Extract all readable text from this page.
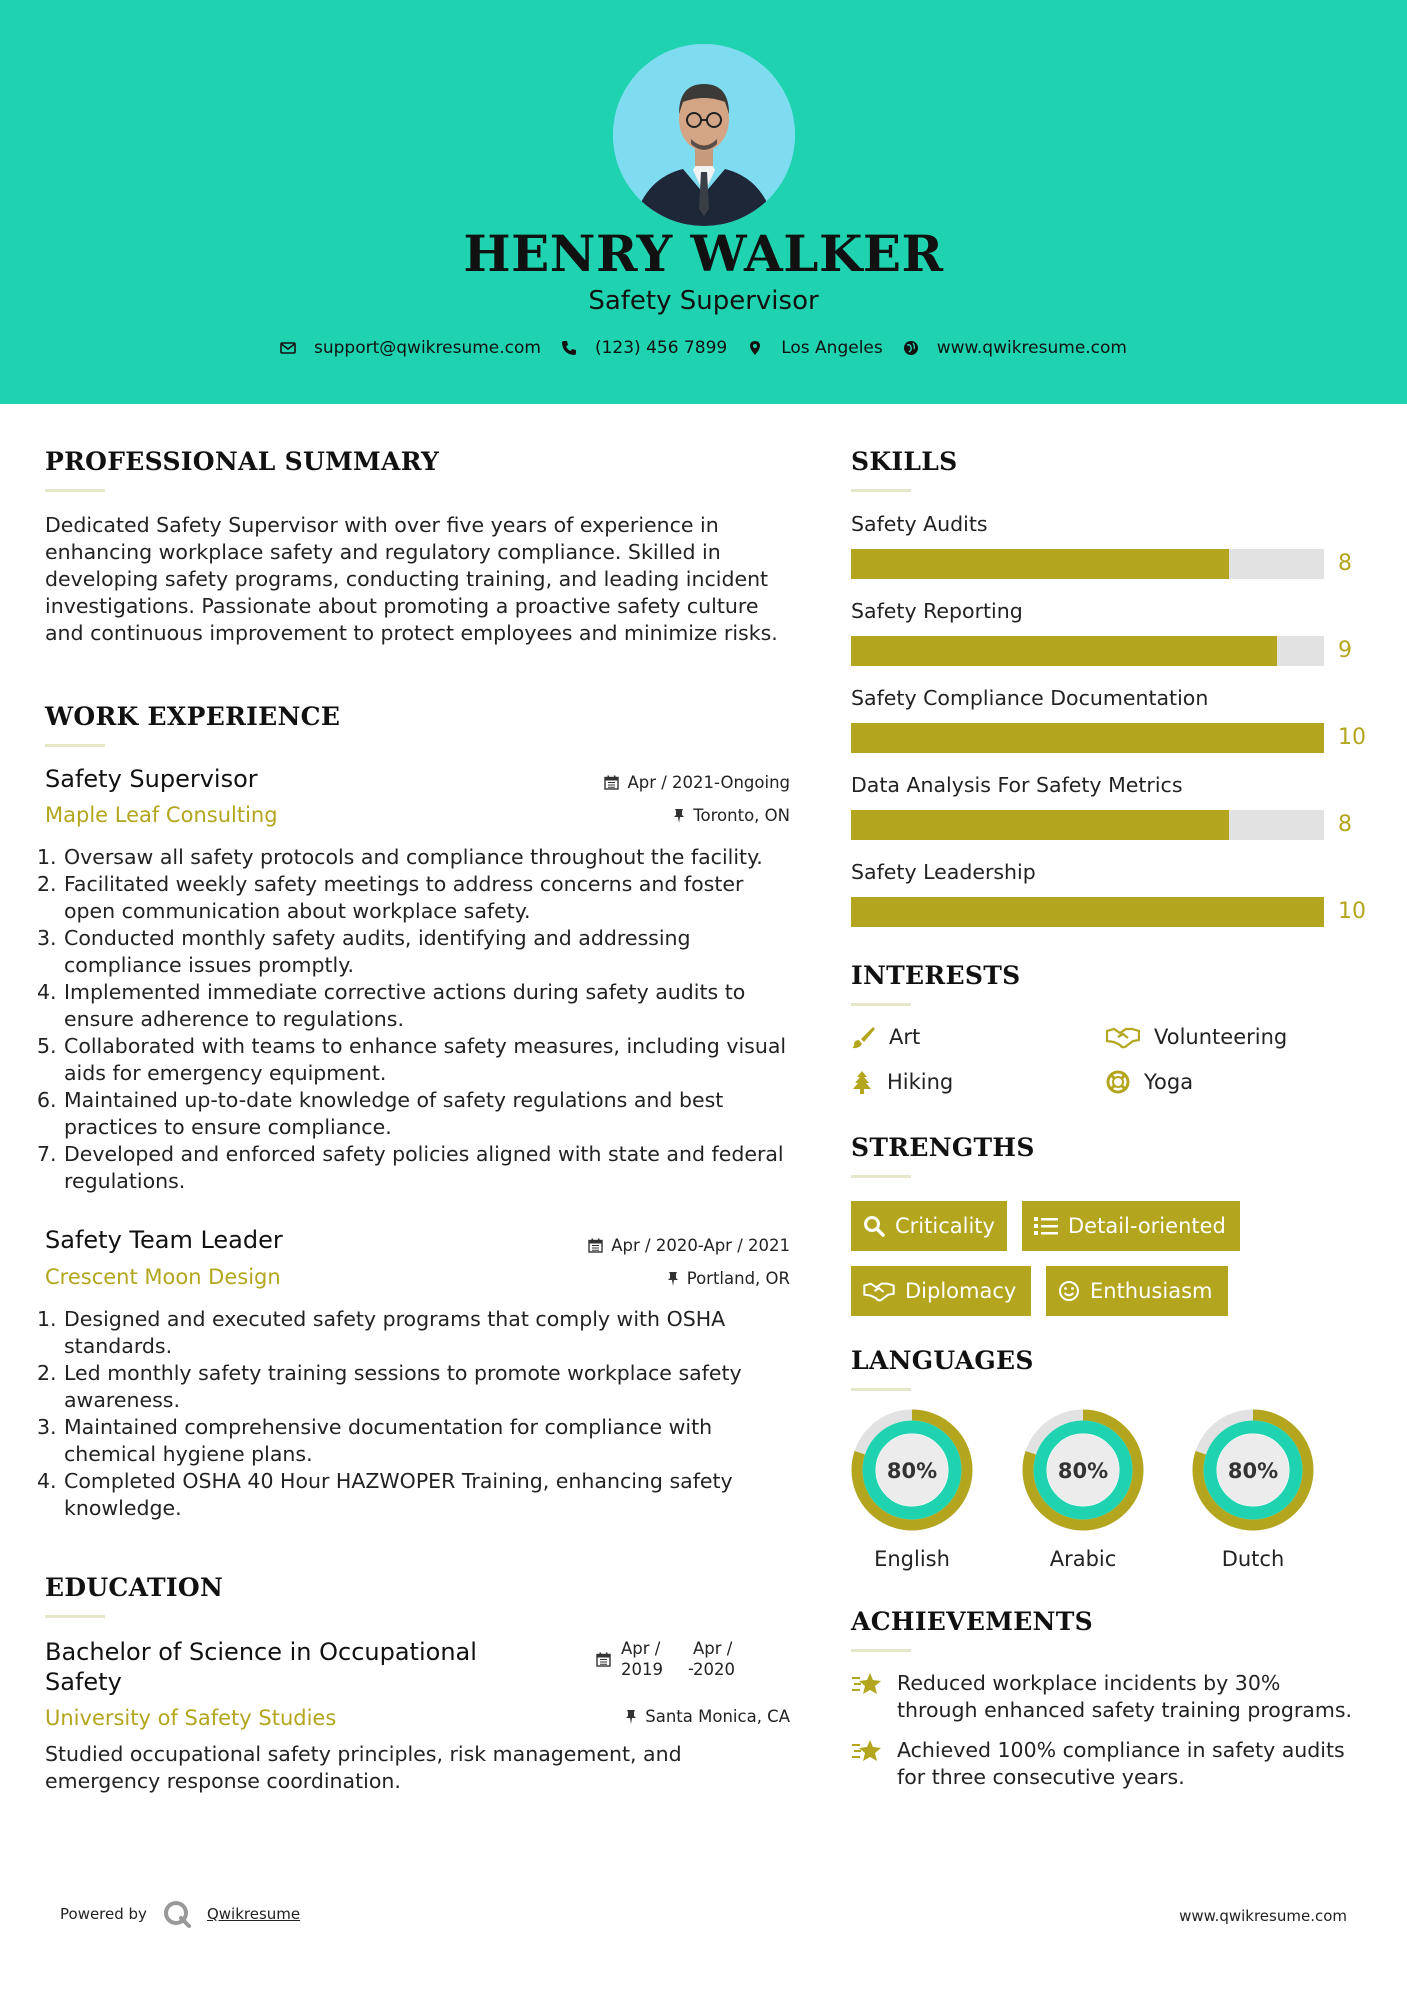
HENRY WALKER
Safety Supervisor
support@qwikresume.com	(123) 456 7899	Los Angeles	www.qwikresume.com
PROFESSIONAL SUMMARY
Dedicated Safety Supervisor with over five years of experience in enhancing workplace safety and regulatory compliance. Skilled in developing safety programs, conducting training, and leading incident investigations. Passionate about promoting a proactive safety culture and continuous improvement to protect employees and minimize risks.
WORK EXPERIENCE
Safety Supervisor	Apr / 2021-Ongoing
Maple Leaf Consulting	Toronto, ON
1. Oversaw all safety protocols and compliance throughout the facility.
2. Facilitated weekly safety meetings to address concerns and foster open communication about workplace safety.
3. Conducted monthly safety audits, identifying and addressing compliance issues promptly.
4. Implemented immediate corrective actions during safety audits to ensure adherence to regulations.
5. Collaborated with teams to enhance safety measures, including visual aids for emergency equipment.
6. Maintained up-to-date knowledge of safety regulations and best practices to ensure compliance.
7. Developed and enforced safety policies aligned with state and federal regulations.
Safety Team Leader	Apr / 2020-Apr / 2021
Crescent Moon Design	Portland, OR
1. Designed and executed safety programs that comply with OSHA standards.
2. Led monthly safety training sessions to promote workplace safety awareness.
3. Maintained comprehensive documentation for compliance with chemical hygiene plans.
4. Completed OSHA 40 Hour HAZWOPER Training, enhancing safety knowledge.
EDUCATION
Bachelor of Science in Occupational
Safety
Apr /
2019	-
Apr /
2020
University of Safety Studies	Santa Monica, CA
Studied occupational safety principles, risk management, and emergency response coordination.
SKILLS
Safety Audits
8
Safety Reporting
9
Safety Compliance Documentation
10
Data Analysis For Safety Metrics
8
Safety Leadership
10
INTERESTS
Art	Volunteering
Hiking	Yoga
STRENGTHS
Criticality	Detail-oriented
Diplomacy	Enthusiasm
LANGUAGES
80%
English
80%
Arabic
80%
Dutch
ACHIEVEMENTS
Reduced workplace incidents by 30%
through enhanced safety training programs.
Achieved 100% compliance in safety audits
for three consecutive years.
Powered by	Qwikresume	www.qwikresume.com
